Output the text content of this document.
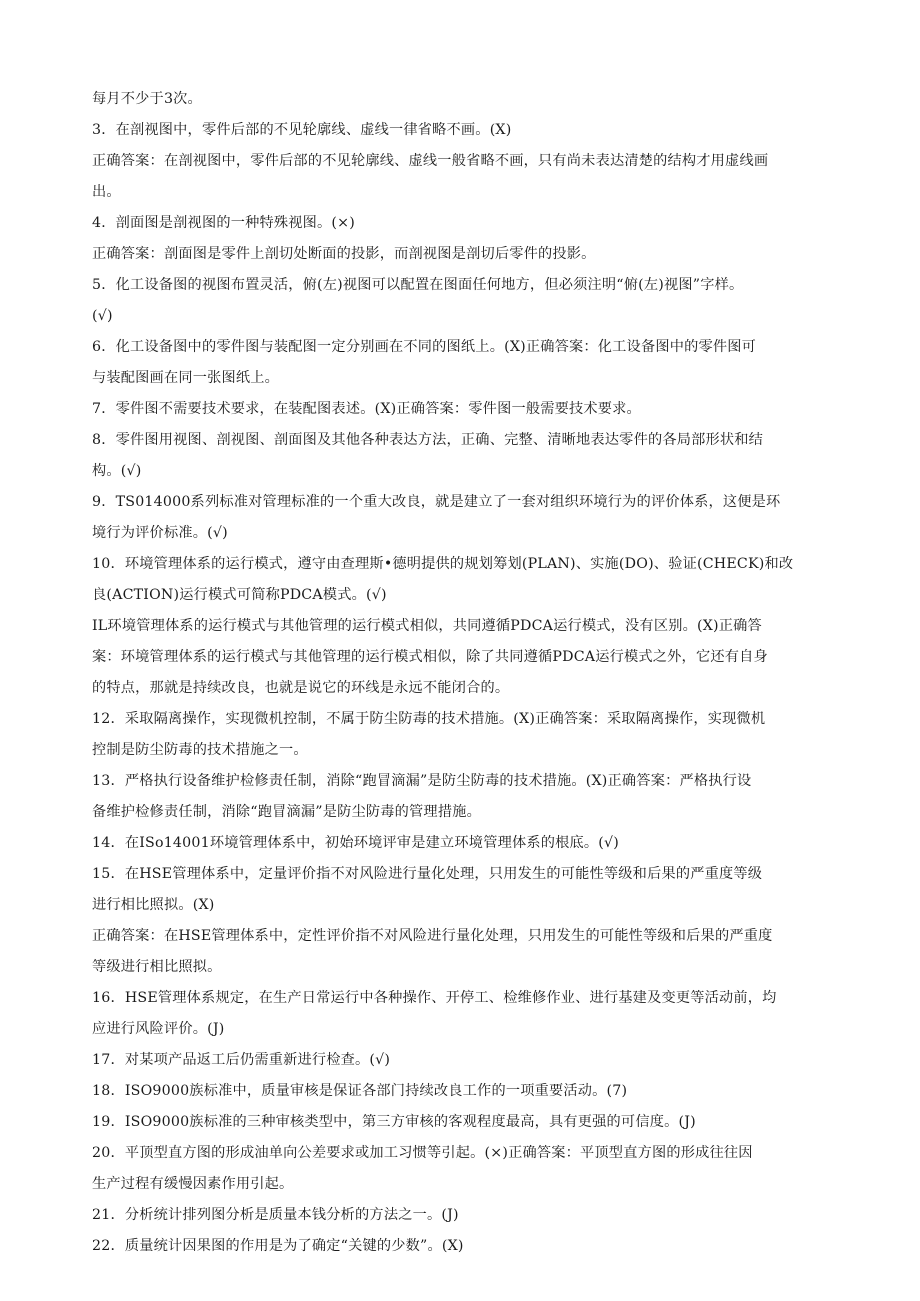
每月不少于3次。
3．在剖视图中，零件后部的不见轮廓线、虚线一律省略不画。(X)
正确答案：在剖视图中，零件后部的不见轮廓线、虚线一般省略不画，只有尚未表达清楚的结构才用虚线画
出。
4．剖面图是剖视图的一种特殊视图。(×)
正确答案：剖面图是零件上剖切处断面的投影，而剖视图是剖切后零件的投影。
5．化工设备图的视图布置灵活，俯(左)视图可以配置在图面任何地方，但必须注明“俯(左)视图”字样。
(√)
6．化工设备图中的零件图与装配图一定分别画在不同的图纸上。(X)正确答案：化工设备图中的零件图可
与装配图画在同一张图纸上。
7．零件图不需要技术要求，在装配图表述。(X)正确答案：零件图一般需要技术要求。
8．零件图用视图、剖视图、剖面图及其他各种表达方法，正确、完整、清晰地表达零件的各局部形状和结
构。(√)
9．TS014000系列标准对管理标准的一个重大改良，就是建立了一套对组织环境行为的评价体系，这便是环
境行为评价标准。(√)
10．环境管理体系的运行模式，遵守由查理斯•德明提供的规划筹划(PLAN)、实施(DO)、验证(CHECK)和改
良(ACTION)运行模式可简称PDCA模式。(√)
IL环境管理体系的运行模式与其他管理的运行模式相似，共同遵循PDCA运行模式，没有区别。(X)正确答
案：环境管理体系的运行模式与其他管理的运行模式相似，除了共同遵循PDCA运行模式之外，它还有自身
的特点，那就是持续改良，也就是说它的环线是永远不能闭合的。
12．采取隔离操作，实现微机控制，不属于防尘防毒的技术措施。(X)正确答案：采取隔离操作，实现微机
控制是防尘防毒的技术措施之一。
13．严格执行设备维护检修责任制，消除“跑冒滴漏”是防尘防毒的技术措施。(X)正确答案：严格执行设
备维护检修责任制，消除“跑冒滴漏”是防尘防毒的管理措施。
14．在ISo14001环境管理体系中，初始环境评审是建立环境管理体系的根底。(√)
15．在HSE管理体系中，定量评价指不对风险进行量化处理，只用发生的可能性等级和后果的严重度等级
进行相比照拟。(X)
正确答案：在HSE管理体系中，定性评价指不对风险进行量化处理，只用发生的可能性等级和后果的严重度
等级进行相比照拟。
16．HSE管理体系规定，在生产日常运行中各种操作、开停工、检维修作业、进行基建及变更等活动前，均
应进行风险评价。(J)
17．对某项产品返工后仍需重新进行检查。(√)
18．ISO9000族标准中，质量审核是保证各部门持续改良工作的一项重要活动。(7)
19．ISO9000族标准的三种审核类型中，第三方审核的客观程度最高，具有更强的可信度。(J)
20．平顶型直方图的形成油单向公差要求或加工习惯等引起。(×)正确答案：平顶型直方图的形成往往因
生产过程有缓慢因素作用引起。
21．分析统计排列图分析是质量本钱分析的方法之一。(J)
22．质量统计因果图的作用是为了确定“关键的少数”。(X)
